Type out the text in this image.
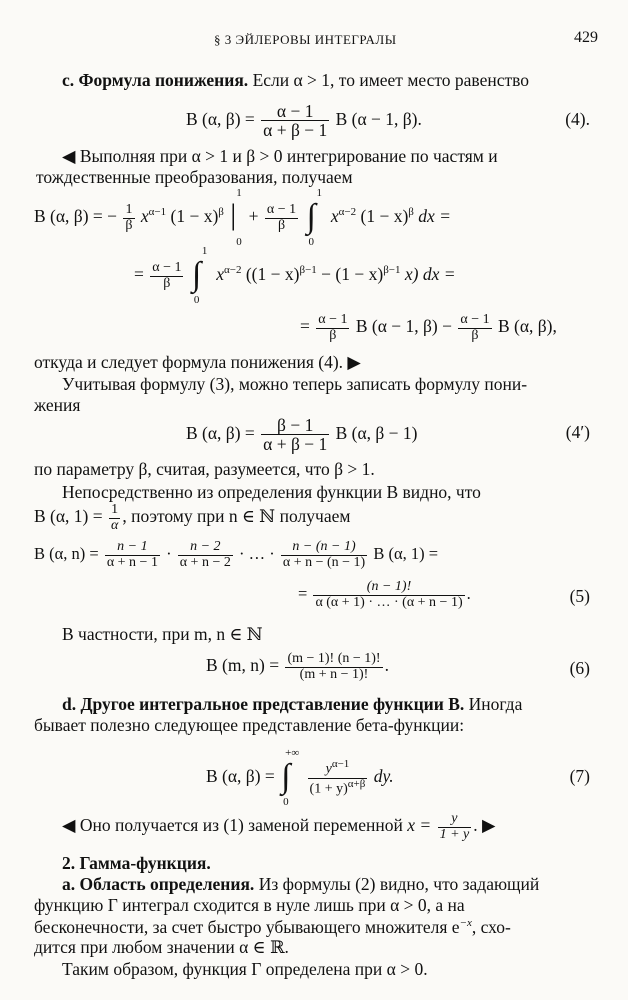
§ 3 ЭЙЛЕРОВЫ ИНТЕГРАЛЫ	429
c. Формула понижения. Если α > 1, то имеет место равенство
B (α, $\beta) = \frac{\alpha - 1}{\alpha + \beta - 1}$ B (α − 1, β).	(4).
◀ Выполняя при α > 1 и β > 0 интегрирование по частям и
тождественные преобразования, получаем
B (α, β) = − $\frac{1}{\beta} x^{\alpha-1}$ $(1 - x)^\beta$ |
1
0
+ $\frac{\alpha - 1}{\beta}$
∫
1
0
$x^{\alpha-2}$ $(1 - x)^\beta$ dx =
= $\frac{\alpha - 1}{\beta}$
∫
1
0
$x^{\alpha-2}$ ($(1 - x)^{\beta-1} - (1 - x)^{\beta-1}$ x) dx =
= $\frac{\alpha - 1}{\beta}$ B (α − 1, $\beta) - \frac{\alpha - 1}{\beta}$ B (α, β),
откуда и следует формула понижения (4). ▶
Учитывая формулу (3), можно теперь записать формулу пони-
жения
B (α, $\beta) = \frac{\beta - 1}{\alpha + \beta - 1}$ B (α, β − 1)	(4′)
по параметру β, считая, разумеется, что β > 1.
Непосредственно из определения функции B видно, что
B (α, $1) = \frac{1}{\alpha}$ , поэтому при n ∈ ℕ получаем
B (α, $n) = \frac{n - 1}{\alpha + n - 1} \cdot \frac{n - 2}{\alpha + n - 2}$ · … · $\frac{n - (n - 1)}{\alpha + n - (n - 1)}$ B (α, 1) =
= $\frac{(n - 1)!}{\alpha (\alpha + 1) \cdot \dots \cdot (\alpha + n - 1)}$ .	(5)
В частности, при m, n ∈ ℕ
B (m, $n) = \frac{(m - 1)! (n - 1)!}{(m + n - 1)!}$ .	(6)
d. Другое интегральное представление функции B. Иногда
бывает полезно следующее представление бета-функции:
B (α, β) = ∫
+∞
0

$\frac{y^{\alpha-1}}{(1 + y)^{\alpha+\beta}}$ dy.	(7)
◀ Оно получается из (1) заменой переменной $x = \frac{y}{1 + y}$ . ▶
2. Гамма-функция.
a. Область определения. Из формулы (2) видно, что задающий
функцию Γ интеграл сходится в нуле лишь при α > 0, а на
бесконечности, за счет быстро убывающего множителя $e^{-x}$, схо-
дится при любом значении α ∈ ℝ.
Таким образом, функция Γ определена при α > 0.
